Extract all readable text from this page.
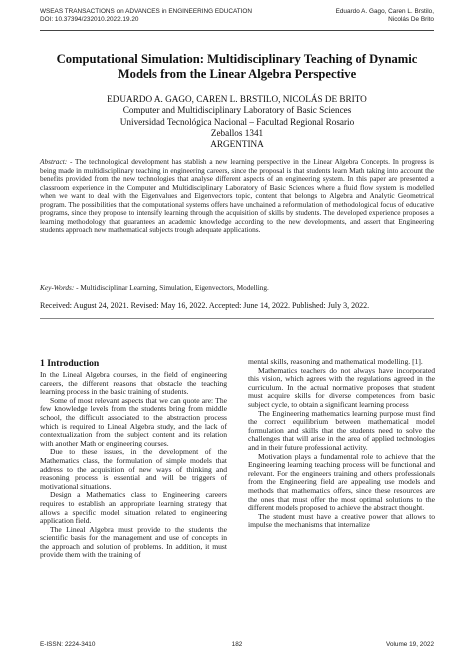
WSEAS TRANSACTIONS on ADVANCES in ENGINEERING EDUCATION
DOI: 10.37394/232010.2022.19.20
Eduardo A. Gago, Caren L. Brstilo,
Nicolás De Brito
Computational Simulation: Multidisciplinary Teaching of Dynamic
Models from the Linear Algebra Perspective
EDUARDO A. GAGO, CAREN L. BRSTILO, NICOLÁS DE BRITO
Computer and Multidisciplinary Laboratory of Basic Sciences
Universidad Tecnológica Nacional – Facultad Regional Rosario
Zeballos 1341
ARGENTINA
Abstract: - The technological development has stablish a new learning perspective in the Linear Algebra Concepts. In progress is being made in multidisciplinary teaching in engineering careers, since the proposal is that students learn Math taking into account the benefits provided from the new technologies that analyse different aspects of an engineering system. In this paper are presented a classroom experience in the Computer and Multidisciplinary Laboratory of Basic Sciences where a fluid flow system is modelled when we want to deal with the Eigenvalues and Eigenvectors topic, content that belongs to Algebra and Analytic Geometrical program. The possibilities that the computational systems offers have unchained a reformulation of methodological focus of educative programs, since they propose to intensify learning through the acquisition of skills by students. The developed experience proposes a learning methodology that guarantees an academic knowledge according to the new developments, and assert that Engineering students approach new mathematical subjects trough adequate applications.
Key-Words: - Multidisciplinar Learning, Simulation, Eigenvectors, Modelling.
Received: August 24, 2021. Revised: May 16, 2022. Accepted: June 14, 2022. Published: July 3, 2022.
1 Introduction

In the Lineal Algebra courses, in the field of engineering careers, the different reasons that obstacle the teaching learning process in the basic training of students.

Some of most relevant aspects that we can quote are: The few knowledge levels from the students bring from middle school, the difficult associated to the abstraction process which is required to Lineal Algebra study, and the lack of contextualization from the subject content and its relation with another Math or engineering courses.

Due to these issues, in the development of the Mathematics class, the formulation of simple models that address to the acquisition of new ways of thinking and reasoning process is essential and will be triggers of motivational situations.

Design a Mathematics class to Engineering careers requires to establish an appropriate learning strategy that allows a specific model situation related to engineering application field.

The Lineal Algebra must provide to the students the scientific basis for the management and use of concepts in the approach and solution of problems. In addition, it must provide them with the training of

mental skills, reasoning and mathematical modelling. [1].

Mathematics teachers do not always have incorporated this vision, which agrees with the regulations agreed in the curriculum. In the actual normative proposes that student must acquire skills for diverse competences from basic subject cycle, to obtain a significant learning process

The Engineering mathematics learning purpose must find the correct equilibrium between mathematical model formulation and skills that the students need to solve the challenges that will arise in the area of applied technologies and in their future professional activity.

Motivation plays a fundamental role to achieve that the Engineering learning teaching process will be functional and relevant. For the engineers training and others professionals from the Engineering field are appealing use models and methods that mathematics offers, since these resources are the ones that must offer the most optimal solutions to the different models proposed to achieve the abstract thought.

The student must have a creative power that allows to impulse the mechanisms that internalize

E-ISSN: 2224-3410	182	Volume 19, 2022
